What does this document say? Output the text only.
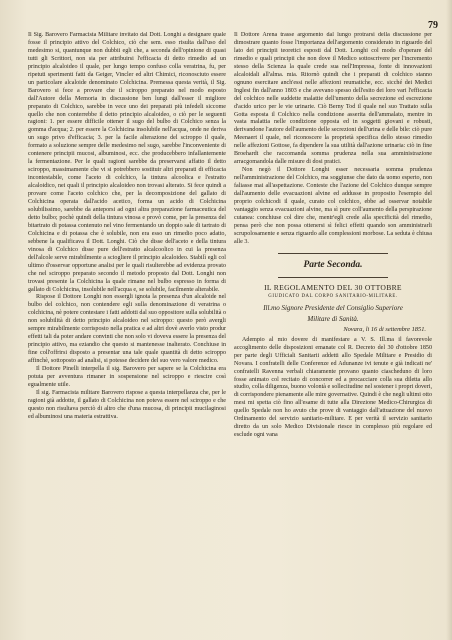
79

Il Sig. Barovero Farmacista Militare invitato dal Dott. Longhi a designare quale fosse il principio attivo del Colchico, ciò che sem. esso risulta dall'uso del medesimo si, quantunque non dubbii egli che, a seconda dell'opinione di quasi tutti gli Scrittori, non sia per attribuirsi l'efficacia di detto rimedio ad un principio alcaloideo il quale, per lungo tempo confuso colla veratrina, fu, per ripetuti sperimenti fatti da Geiger, Vincler ed altri Chimici, riconosciuto essere un particolare alcaloide denominato Colchicina. Premessa questa verità, il Sig. Barovero si fece a provare che il sciroppo preparato nel modo esposto dall'Autore della Memoria in discussione ben lungi dall'esser il migliore preparato di Colchico, sarebbe in vece uno dei preparati più infedeli siccome quello che non conterrebbe il detto principio alcaloideo, o ciò per le seguenti ragioni: 1. per essere difficile ottener il sugo del bulbo di Colchico senza la gomma d'acqua; 2. per essere la Colchicina insolubile nell'acqua, onde ne deriva un sugo privo d'efficacia; 3. per la facile alterazione del sciroppo il quale, formato a soluzione sempre delle medesimo nel sugo, sarebbe l'inconveniente di contenere principii mucosi, albuminosi, ecc. che producebbero infallantemente la fermentazione. Per le quali ragioni sarebbe da preservarsi affatto il detto sciroppo, massimamente che vi si potrebbero sostituir altri preparati di efficacia incontestabile, come l'aceto di colchico, la tintura alcoolica e l'estratto alcaloidico, nei quali il principio alcaloideo non trovasi alterato. Si fece quindi a provare come l'aceto colchico che, per la decomposizione del gallato di Colchicina operata dall'acido acetico, forma un acido di Colchicina solubilissimo, sarebbe da anteporsi ad ogni altra preparazione farmaceutica del detto bulbo; pochè quindi della tintura vinosa e provò come, per la presenza del bitartrato di potassa contenuto nel vino fermentando un doppio sale di tartrato di Colchicina e di potassa che è solubile, non era esso un rimedio poco adatto, sebbene la qualificava il Dott. Longhi. Ciò che disse dell'aceto e della tintura vinosa di Colchico disse pure dell'estratto alcalcoolico in cui la presenza dell'alcole serve mirabilmente a sciogliere il principio alcaloideo. Stabilì egli col ultimo d'osservar opportune analisi per le quali risulterebbe ad evidenza provato che nel sciroppo preparato secondo il metodo proposto dal Dott. Longhi non trovasi presente la Colchicina la quale rimane nel bulbo espresso in forma di gallato di Colchicina, insolubile nell'acqua e, se solubile, facilmente alterabile.

Rispose il Dottore Longhi non essergli ignota la presenza d'un alcaloide nel bulbo del colchico, non contendere egli sulla denominazione di veratrina o colchicina, nè potere contestare i fatti addotti dal suo oppositore sulla solubilità o non solubilità di detto principio alcaloideo nel sciroppo: questo però avergli sempre mirabilmente corrisposto nella pratica e ad altri dovè averlo visto produr effetti tali da poter andare convinti che non solo vi doveva essere la presenza del principio attivo, ma eziandio che questo si mantenesse inalterato. Conchiuse in fine coll'offrirsi disposto a presentar una tale quale quantità di detto sciroppo affinchè, sottoposto ad analisi, si potesse decidere del suo vero valore medico.

Il Dottore Pinelli interpella il sig. Barovero per sapere se la Colchicina era potuta per avventura rimaner in sospensione nel sciroppo e riescire così egualmente utile.

Il sig. Farmacista militare Barovero rispose a questa interpellanza che, per le ragioni già addotte, il gallato di Colchicina non poteva essere nel sciroppo e che questo non risultava perciò di altro che d'una mucosa, di principii mucilaginosi ed albuminosi una materia estrattiva.

Il Dottore Arena trasse argomento dal lungo protrarsi della discussione per dimostrare quanto fosse l'importanza dell'argomento considerato in riguardo del lato dei principii teoretici esposti dal Dott. Longhi col modo d'operare del rimedio e quali principii che non dove il Medico sottoscrivere per l'incremento stesso della Scienza la quale crede sua nell'Impressa, fonte di innovazioni alcaloidali all'alma. mia. Ritornò quindi che i preparati di colchico stanno ognuno esercitare anch'essi nelle affezioni reumatiche, ecc. sicché dei Medici Inglesi fin dall'anno 1803 e che avevano spesso dell'esito dei loro vari l'efficacia del colchico nelle suddette malattie dell'umento della secrezione ed escrezione d'acido urico per le vie urinarie. Ciò Berny Tod il quale nel suo Trattato sulla Gotta esposta il Colchico nella condizione asserita dell'ammalato, mentre in vasta malattia nelle condizione opposta ed in soggetti giovani e robusti, derivandone l'autore dell'aumento delle secrezioni dell'urina e delle bile: ciò pure Meenaert il quale, nel riconoscere la proprietà specifica dello stesso rimedio nelle affezioni Gottose, fa dipendere la sua utilità dall'azione urinaria: ciò in fine Broehardt che raccomanda somma prudenza nella sua amministrazione arracgomandola dalle misure di dosi pratici.

Non negò il Dottore Longhi esser necessaria somma prudenza nell'amministrazione del Colchico, ma soggiunse che dato da uomo esperto, non faliasse mai all'aspettazione. Conteste che l'azione del Colchico dunque sempre dall'aumento delle evacuazioni alvine ed addusse in proposito l'esempio del proprio colchicodi il quale, curato col colchico, ebbe ad osservar notabile vantaggio senza evacuazioni alvine, ma sì pure coll'aumento della perspirazione cutanea: conchiuse col dire che, mentr'egli crede alla specificità del rimedio, pensa però che non possa ottenersi sì felici effetti quando son amministrarli scrupolosamente e senza riguardo alle complessioni morbose. La seduta è chiusa alle 3.

Parte Seconda.
IL REGOLAMENTO DEL 30 OTTOBRE
GIUDICATO DAL CORPO SANITARIO-MILITARE.
Ill.mo Signore Presidente del Consiglio Superiore
Militare di Sanità.
Novara, li 16 di settembre 1851.

Adempio al mio dovere di manifestare a V. S. Ill.ma il favorevole accoglimento delle disposizioni emanate col R. Decreto del 30 d'ottobre 1850 per parte degli Ufficiali Sanitarii addetti allo Spedale Militare e Presidio di Novara. I confratelli delle Conferenze ed Adunanze ivi tenute e già indicati ne' confratelli Ravenna verbali chiaramente provano quanto ciascheduno di loro fosse animato col recitato di concorrer ed a procacciare colla sua diletta allo studio, colla diligenza, buono volontà e sollecitudine nel sostener i propri doveri, di corrispondere pienamente alle mire governative. Quindi è che negli ultimi otto mesi mi spetta ciò fino all'esame di tutte alla Direzione Medico-Chirurgica di quello Spedale non ho avuto che prove di vantaggio dall'attuazione del nuovo Ordinamento del servizio sanitario-militare. E per verità il servizio sanitario diretto da un solo Medico Divisionale riesce in complesso più regolare ed esclude ogni vana
